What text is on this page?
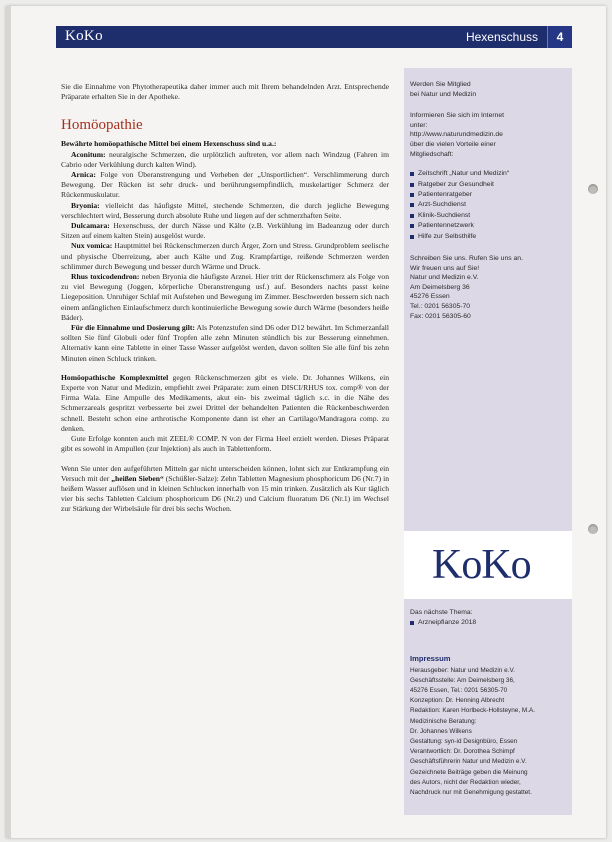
KoKo	Hexenschuss	4

Sie die Einnahme von Phytotherapeutika daher immer auch mit Ihrem behandelnden Arzt. Entsprechende Präparate erhalten Sie in der Apotheke.

Homöopathie

Bewährte homöopathische Mittel bei einem Hexenschuss sind u.a.:

Aconitum: neuralgische Schmerzen, die urplötzlich auftreten, vor allem nach Windzug (Fahren im Cabrio oder Verkühlung durch kalten Wind).

Arnica: Folge von Überanstrengung und Verheben der „Unsportlichen“. Verschlimmerung durch Bewegung. Der Rücken ist sehr druck- und berührungsempfindlich, muskelartiger Schmerz der Rückenmuskulatur.

Bryonia: vielleicht das häufigste Mittel, stechende Schmerzen, die durch jegliche Bewegung verschlechtert wird, Besserung durch absolute Ruhe und liegen auf der schmerzhaften Seite.

Dulcamara: Hexenschuss, der durch Nässe und Kälte (z.B. Verkühlung im Badeanzug oder durch Sitzen auf einem kalten Stein) ausgelöst wurde.

Nux vomica: Hauptmittel bei Rückenschmerzen durch Ärger, Zorn und Stress. Grundproblem seelische und physische Überreizung, aber auch Kälte und Zug. Krampfartige, reißende Schmerzen werden schlimmer durch Bewegung und besser durch Wärme und Druck.

Rhus toxicodendron: neben Bryonia die häufigste Arznei. Hier tritt der Rückenschmerz als Folge von zu viel Bewegung (Joggen, körperliche Überanstrengung usf.) auf. Besonders nachts passt keine Liegeposition. Unruhiger Schlaf mit Aufstehen und Bewegung im Zimmer. Beschwerden bessern sich nach einem anfänglichen Einlaufschmerz durch kontinuierliche Bewegung sowie durch Wärme (besonders heiße Bäder).

Für die Einnahme und Dosierung gilt: Als Potenzstufen sind D6 oder D12 bewährt. Im Schmerzanfall sollten Sie fünf Globuli oder fünf Tropfen alle zehn Minuten stündlich bis zur Besserung einnehmen. Alternativ kann eine Tablette in einer Tasse Wasser aufgelöst werden, davon sollten Sie alle fünf bis zehn Minuten einen Schluck trinken.

Homöopathische Komplexmittel gegen Rückenschmerzen gibt es viele. Dr. Johannes Wilkens, ein Experte von Natur und Medizin, empfiehlt zwei Präparate: zum einen DISCI/RHUS tox. comp® von der Firma Wala. Eine Ampulle des Medikaments, akut ein- bis zweimal täglich s.c. in die Nähe des Schmerzareals gespritzt verbesserte bei zwei Drittel der behandelten Patienten die Rückenbeschwerden schnell. Besteht schon eine arthrotische Komponente dann ist eher an Cartilago/Mandragora comp. zu denken.

Gute Erfolge konnten auch mit ZEEL® COMP. N von der Firma Heel erzielt werden. Dieses Präparat gibt es sowohl in Ampullen (zur Injektion) als auch in Tablettenform.

Wenn Sie unter den aufgeführten Mitteln gar nicht unterscheiden können, lohnt sich zur Entkrampfung ein Versuch mit der „heißen Sieben“ (Schüßler-Salze): Zehn Tabletten Magnesium phosphoricum D6 (Nr.7) in heißem Wasser auflösen und in kleinen Schlucken innerhalb von 15 min trinken. Zusätzlich als Kur täglich vier bis sechs Tabletten Calcium phosphoricum D6 (Nr.2) und Calcium fluoratum D6 (Nr.1) im Wechsel zur Stärkung der Wirbelsäule für drei bis sechs Wochen.

Werden Sie Mitglied
bei Natur und Medizin
Informieren Sie sich im Internet
unter:
http://www.naturundmedizin.de
über die vielen Vorteile einer
Mitgliedschaft:
Zeitschrift „Natur und Medizin“
Ratgeber zur Gesundheit
Patientenratgeber
Arzt-Suchdienst
Klinik-Suchdienst
Patientennetzwerk
Hilfe zur Selbsthilfe
Schreiben Sie uns. Rufen Sie uns an.
Wir freuen uns auf Sie!
Natur und Medizin e.V.
Am Deimelsberg 36
45276 Essen
Tel.: 0201 56305-70
Fax: 0201 56305-60
KoKo
Das nächste Thema:
Arzneipflanze 2018
Impressum
Herausgeber: Natur und Medizin e.V.
Geschäftsstelle: Am Deimelsberg 36,
45276 Essen, Tel.: 0201 56305-70
Konzeption: Dr. Henning Albrecht
Redaktion: Karen Horlbeck-Hollsteyne, M.A.
Medizinische Beratung:
Dr. Johannes Wilkens
Gestaltung: syn-id Designbüro, Essen
Verantwortlich: Dr. Dorothea Schimpf
Geschäftsführerin Natur und Medizin e.V.
Gezeichnete Beiträge geben die Meinung
des Autors, nicht der Redaktion wieder,
Nachdruck nur mit Genehmigung gestattet.
